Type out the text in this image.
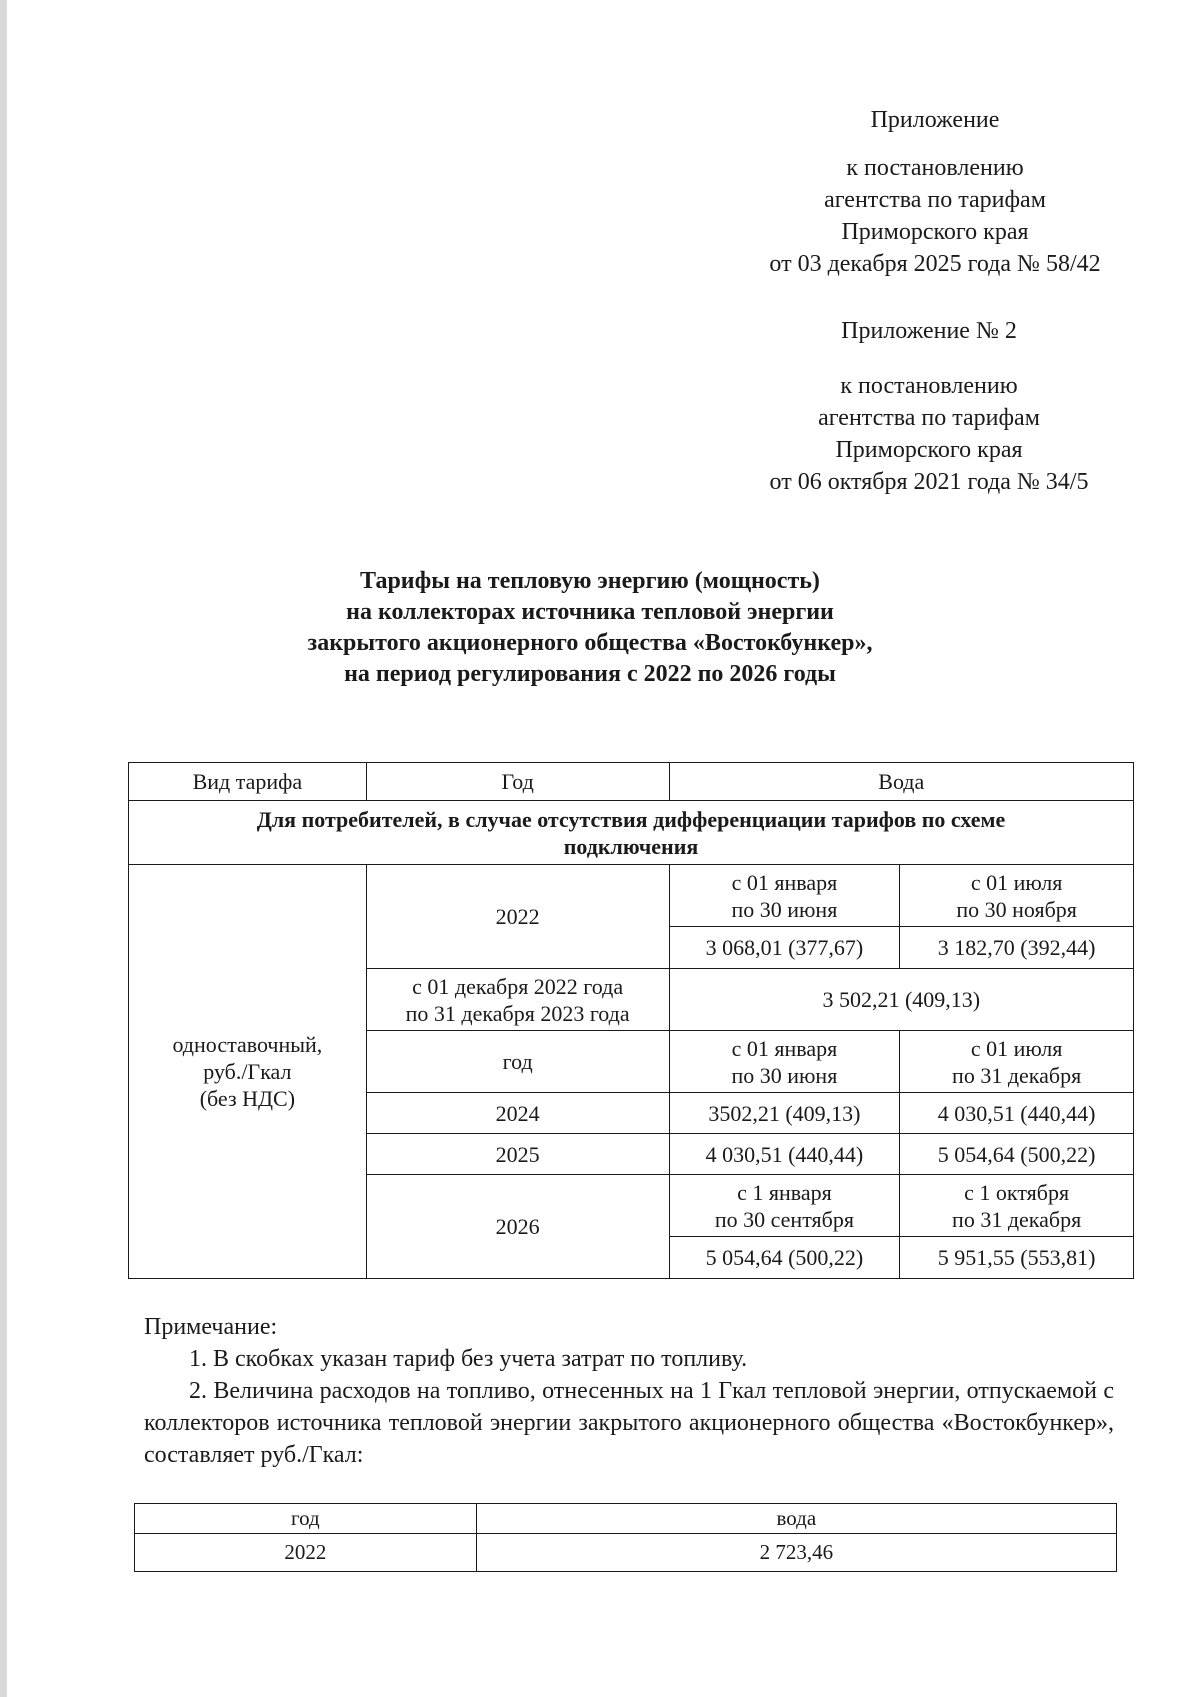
Приложение
к постановлению
агентства по тарифам
Приморского края
от 03 декабря 2025 года № 58/42
Приложение № 2
к постановлению
агентства по тарифам
Приморского края
от 06 октября 2021 года № 34/5
Тарифы на тепловую энергию (мощность)
на коллекторах источника тепловой энергии
закрытого акционерного общества «Востокбункер»,
на период регулирования с 2022 по 2026 годы
Вид тарифа	Год	Вода	
Для потребителей, в случае отсутствия дифференциации тарифов по схеме подключения			

одноставочный,
руб./Гкал
(без НДС)	2022	с 01 января
по 30 июня	с 01 июля
по 30 ноября

		3 068,01 (377,67)	3 182,70 (392,44)

	с 01 декабря 2022 года
по 31 декабря 2023 года	3 502,21 (409,13)	
	год	с 01 января
по 30 июня	с 01 июля
по 31 декабря

	2024	3502,21 (409,13)	4 030,51 (440,44)
	2025	4 030,51 (440,44)	5 054,64 (500,22)
	2026	с 1 января
по 30 сентября	с 1 октября
по 31 декабря

		5 054,64 (500,22)	5 951,55 (553,81)

Примечание:

1. В скобках указан тариф без учета затрат по топливу.

2. Величина расходов на топливо, отнесенных на 1 Гкал тепловой энергии, отпускаемой с коллекторов источника тепловой энергии закрытого акционерного общества «Востокбункер», составляет руб./Гкал:

год	вода
2022	2 723,46
